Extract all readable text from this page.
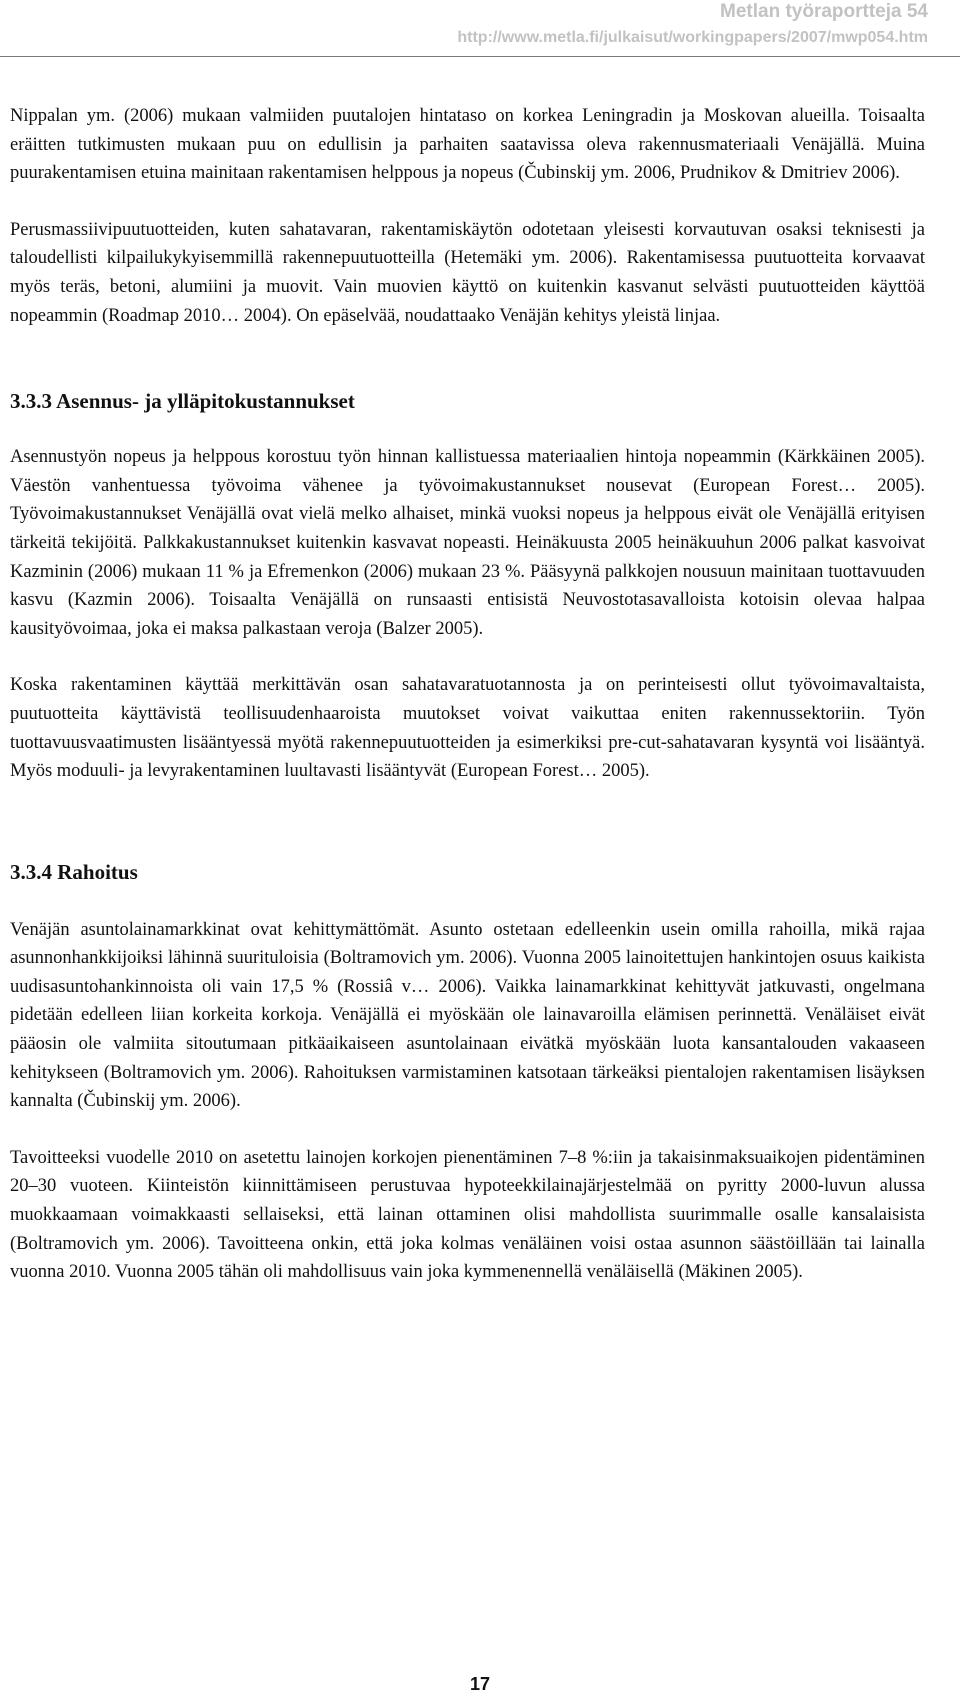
Metlan työraportteja 54
http://www.metla.fi/julkaisut/workingpapers/2007/mwp054.htm

Nippalan ym. (2006) mukaan valmiiden puutalojen hintataso on korkea Leningradin ja Moskovan alueilla. Toisaalta eräitten tutkimusten mukaan puu on edullisin ja parhaiten saatavissa oleva rakennusmateriaali Venäjällä. Muina puurakentamisen etuina mainitaan rakentamisen helppous ja nopeus (Čubinskij ym. 2006, Prudnikov & Dmitriev 2006).

Perusmassiivipuutuotteiden, kuten sahatavaran, rakentamiskäytön odotetaan yleisesti korvautuvan osaksi teknisesti ja taloudellisti kilpailukykyisemmillä rakennepuutuotteilla (Hetemäki ym. 2006). Rakentamisessa puutuotteita korvaavat myös teräs, betoni, alumiini ja muovit. Vain muovien käyttö on kuitenkin kasvanut selvästi puutuotteiden käyttöä nopeammin (Roadmap 2010… 2004). On epäselvää, noudattaako Venäjän kehitys yleistä linjaa.

3.3.3 Asennus- ja ylläpitokustannukset

Asennustyön nopeus ja helppous korostuu työn hinnan kallistuessa materiaalien hintoja nopeammin (Kärkkäinen 2005). Väestön vanhentuessa työvoima vähenee ja työvoimakustannukset nousevat (European Forest… 2005). Työvoimakustannukset Venäjällä ovat vielä melko alhaiset, minkä vuoksi nopeus ja helppous eivät ole Venäjällä erityisen tärkeitä tekijöitä. Palkkakustannukset kuitenkin kasvavat nopeasti. Heinäkuusta 2005 heinäkuuhun 2006 palkat kasvoivat Kazminin (2006) mukaan 11 % ja Efremenkon (2006) mukaan 23 %. Pääsyynä palkkojen nousuun mainitaan tuottavuuden kasvu (Kazmin 2006). Toisaalta Venäjällä on runsaasti entisistä Neuvostotasavalloista kotoisin olevaa halpaa kausityövoimaa, joka ei maksa palkastaan veroja (Balzer 2005).

Koska rakentaminen käyttää merkittävän osan sahatavaratuotannosta ja on perinteisesti ollut työvoimavaltaista, puutuotteita käyttävistä teollisuudenhaaroista muutokset voivat vaikuttaa eniten rakennussektoriin. Työn tuottavuusvaatimusten lisääntyessä myötä rakennepuutuotteiden ja esimerkiksi pre-cut-sahatavaran kysyntä voi lisääntyä. Myös moduuli- ja levyrakentaminen luultavasti lisääntyvät (European Forest… 2005).

3.3.4 Rahoitus

Venäjän asuntolainamarkkinat ovat kehittymättömät. Asunto ostetaan edelleenkin usein omilla rahoilla, mikä rajaa asunnonhankkijoiksi lähinnä suurituloisia (Boltramovich ym. 2006). Vuonna 2005 lainoitettujen hankintojen osuus kaikista uudisasuntohankinnoista oli vain 17,5 % (Rossiâ v… 2006). Vaikka lainamarkkinat kehittyvät jatkuvasti, ongelmana pidetään edelleen liian korkeita korkoja. Venäjällä ei myöskään ole lainavaroilla elämisen perinnettä. Venäläiset eivät pääosin ole valmiita sitoutumaan pitkäaikaiseen asuntolainaan eivätkä myöskään luota kansantalouden vakaaseen kehitykseen (Boltramovich ym. 2006). Rahoituksen varmistaminen katsotaan tärkeäksi pientalojen rakentamisen lisäyksen kannalta (Čubinskij ym. 2006).

Tavoitteeksi vuodelle 2010 on asetettu lainojen korkojen pienentäminen 7–8 %:iin ja takaisinmaksuaikojen pidentäminen 20–30 vuoteen. Kiinteistön kiinnittämiseen perustuvaa hypoteekkilainajärjestelmää on pyritty 2000-luvun alussa muokkaamaan voimakkaasti sellaiseksi, että lainan ottaminen olisi mahdollista suurimmalle osalle kansalaisista (Boltramovich ym. 2006). Tavoitteena onkin, että joka kolmas venäläinen voisi ostaa asunnon säästöillään tai lainalla vuonna 2010. Vuonna 2005 tähän oli mahdollisuus vain joka kymmenennellä venäläisellä (Mäkinen 2005).

17
